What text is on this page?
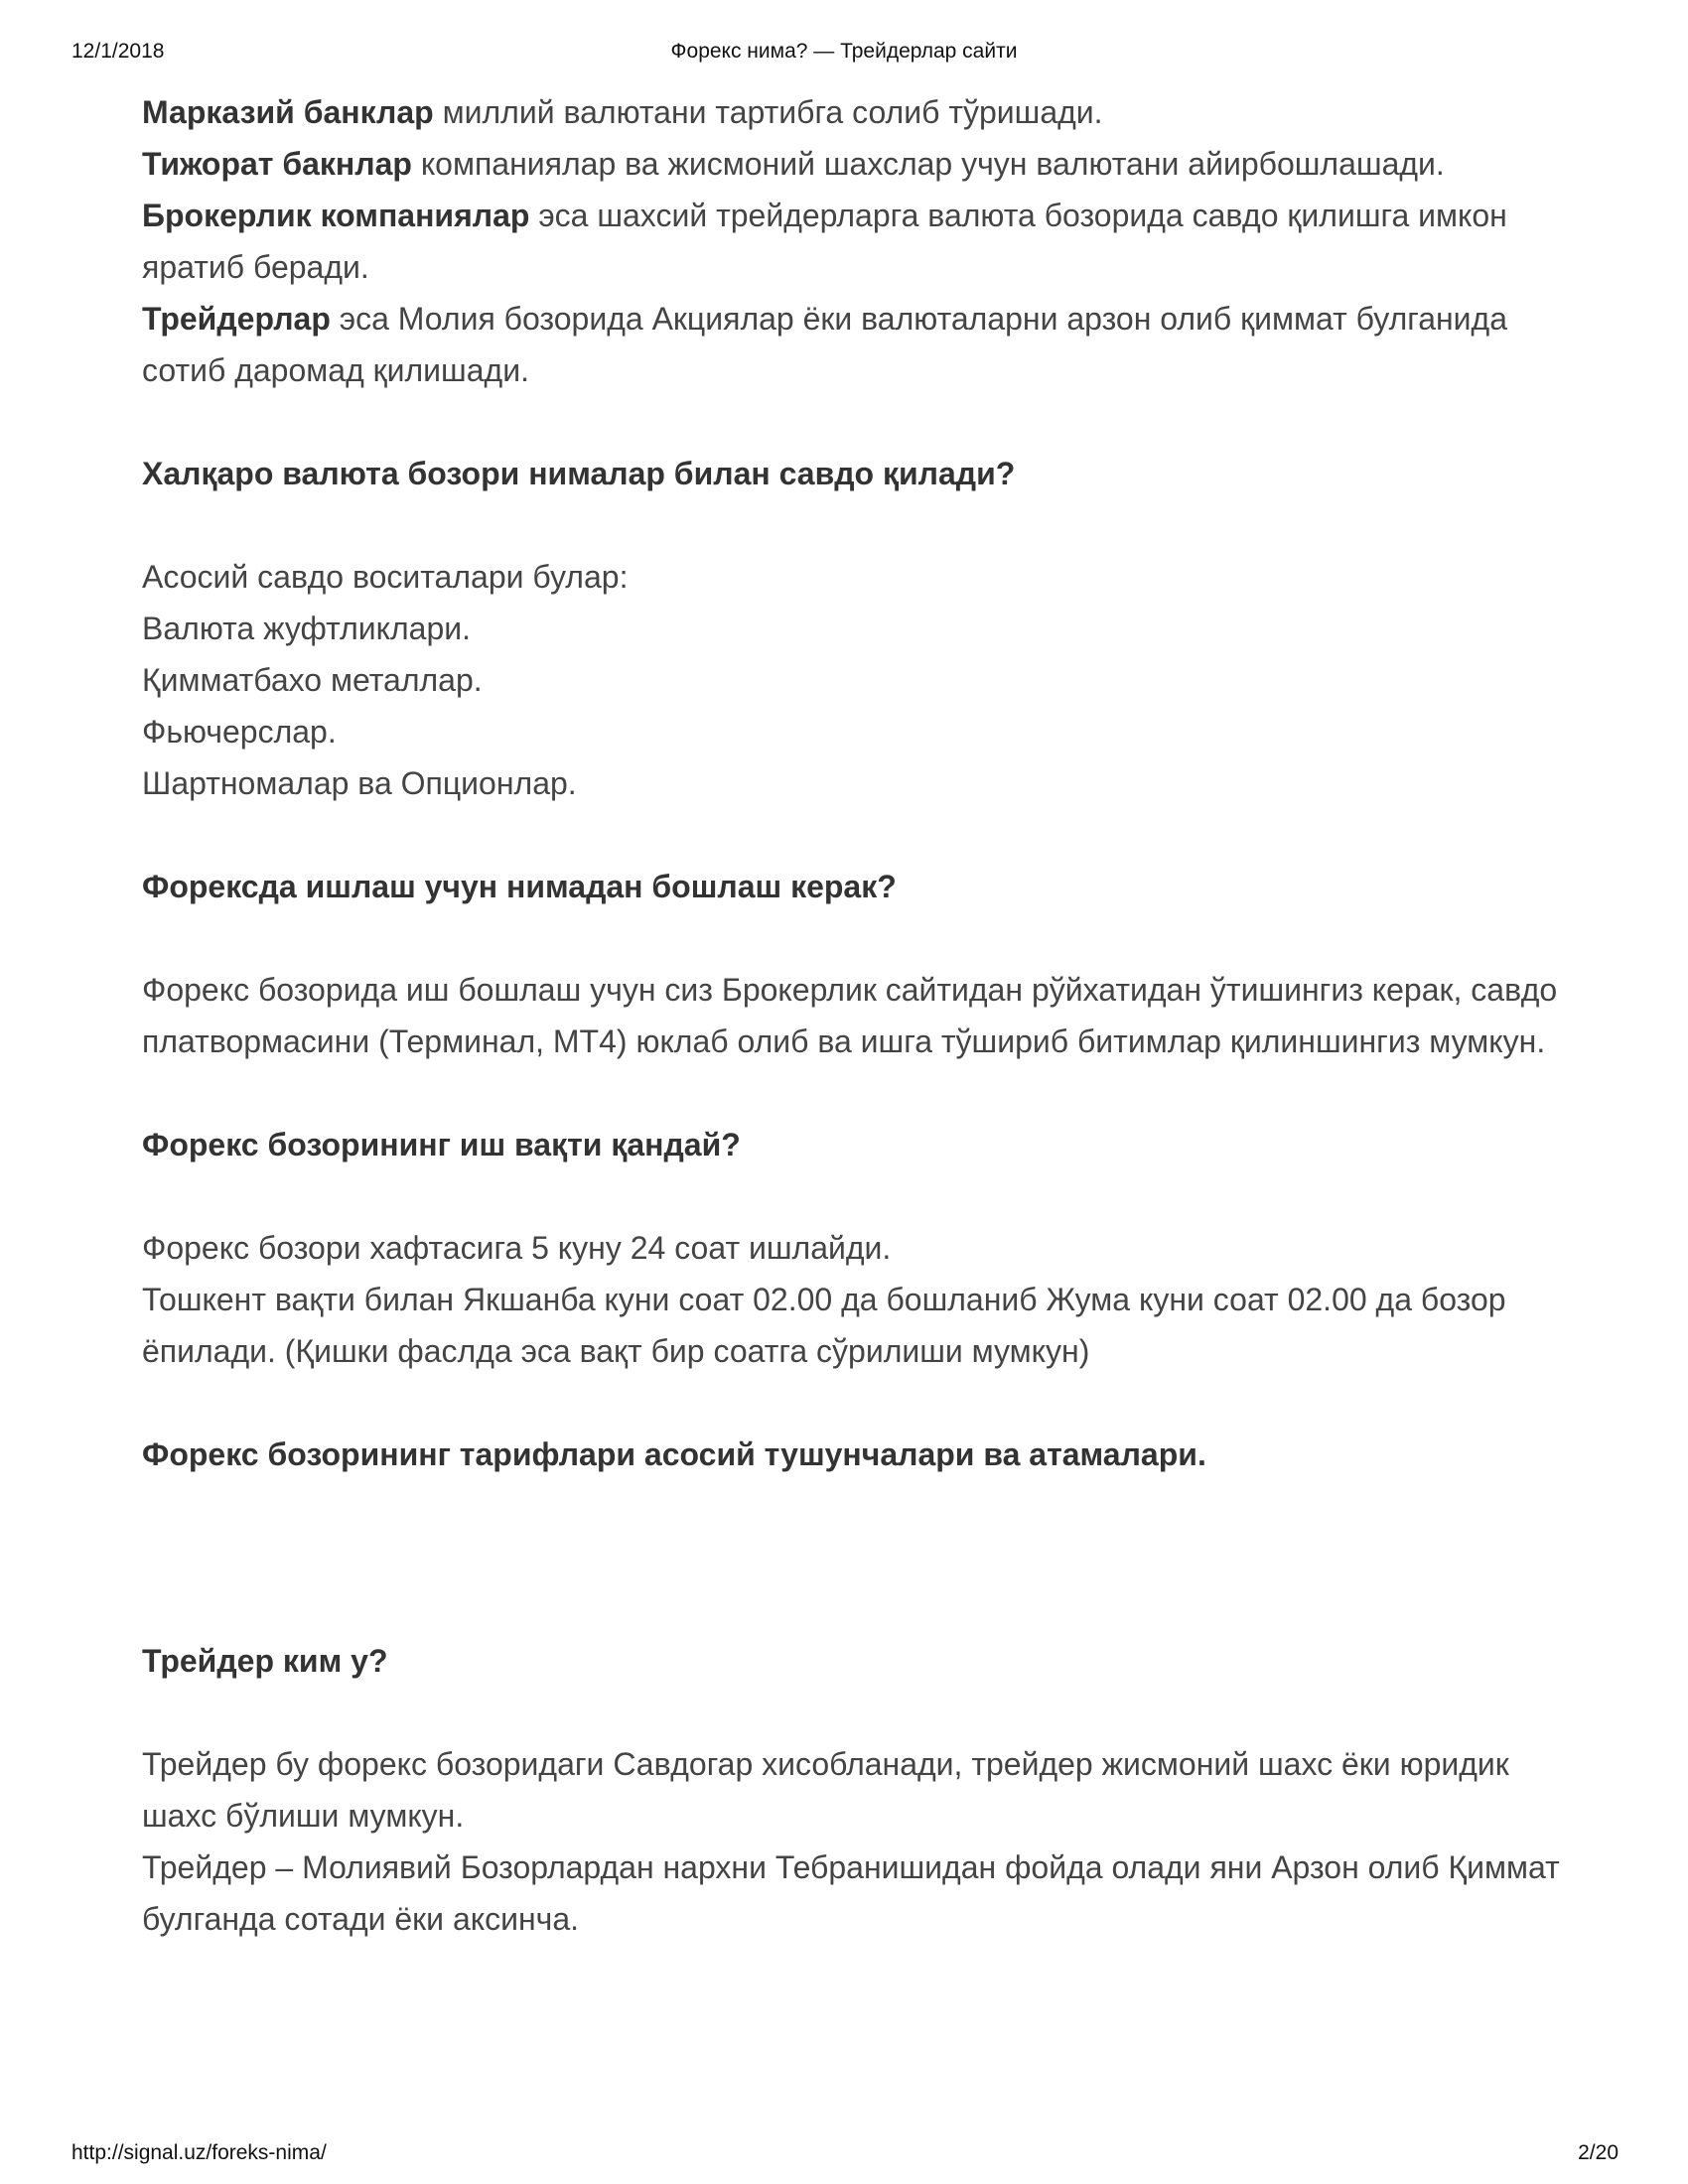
12/1/2018	Форекс нима? — Трейдерлар сайти

Марказий банклар миллий валютани тартибга солиб тўришади.

Тижорат бакнлар компаниялар ва жисмоний шахслар учун валютани айирбошлашади.

Брокерлик компаниялар эса шахсий трейдерларга валюта бозорида савдо қилишга имкон яратиб беради.

Трейдерлар эса Молия бозорида Акциялар ёки валюталарни арзон олиб қиммат булганида сотиб даромад қилишади.

Халқаро валюта бозори нималар билан савдо қилади?

Асосий савдо воситалари булар:

Валюта жуфтликлари.

Қимматбахо металлар.

Фьючерслар.

Шартномалар ва Опционлар.

Форексда ишлаш учун нимадан бошлаш керак?

Форекс бозорида иш бошлаш учун сиз Брокерлик сайтидан рўйхатидан ўтишингиз керак, савдо платвормасини (Терминал, МТ4) юклаб олиб ва ишга тўшириб битимлар қилиншингиз мумкун.

Форекс бозорининг иш вақти қандай?

Форекс бозори хафтасига 5 куну 24 соат ишлайди.

Тошкент вақти билан Якшанба куни соат 02.00 да бошланиб Жума куни соат 02.00 да бозор ёпилади. (Қишки фаслда эса вақт бир соатга сўрилиши мумкун)

Форекс бозорининг тарифлари асосий тушунчалари ва атамалари.

Трейдер ким у?

Трейдер бу форекс бозоридаги Савдогар хисобланади, трейдер жисмоний шахс ёки юридик шахс бўлиши мумкун.

Трейдер – Молиявий Бозорлардан нархни Тебранишидан фойда олади яни Арзон олиб Қиммат булганда сотади ёки аксинча.

http://signal.uz/foreks-nima/	2/20
